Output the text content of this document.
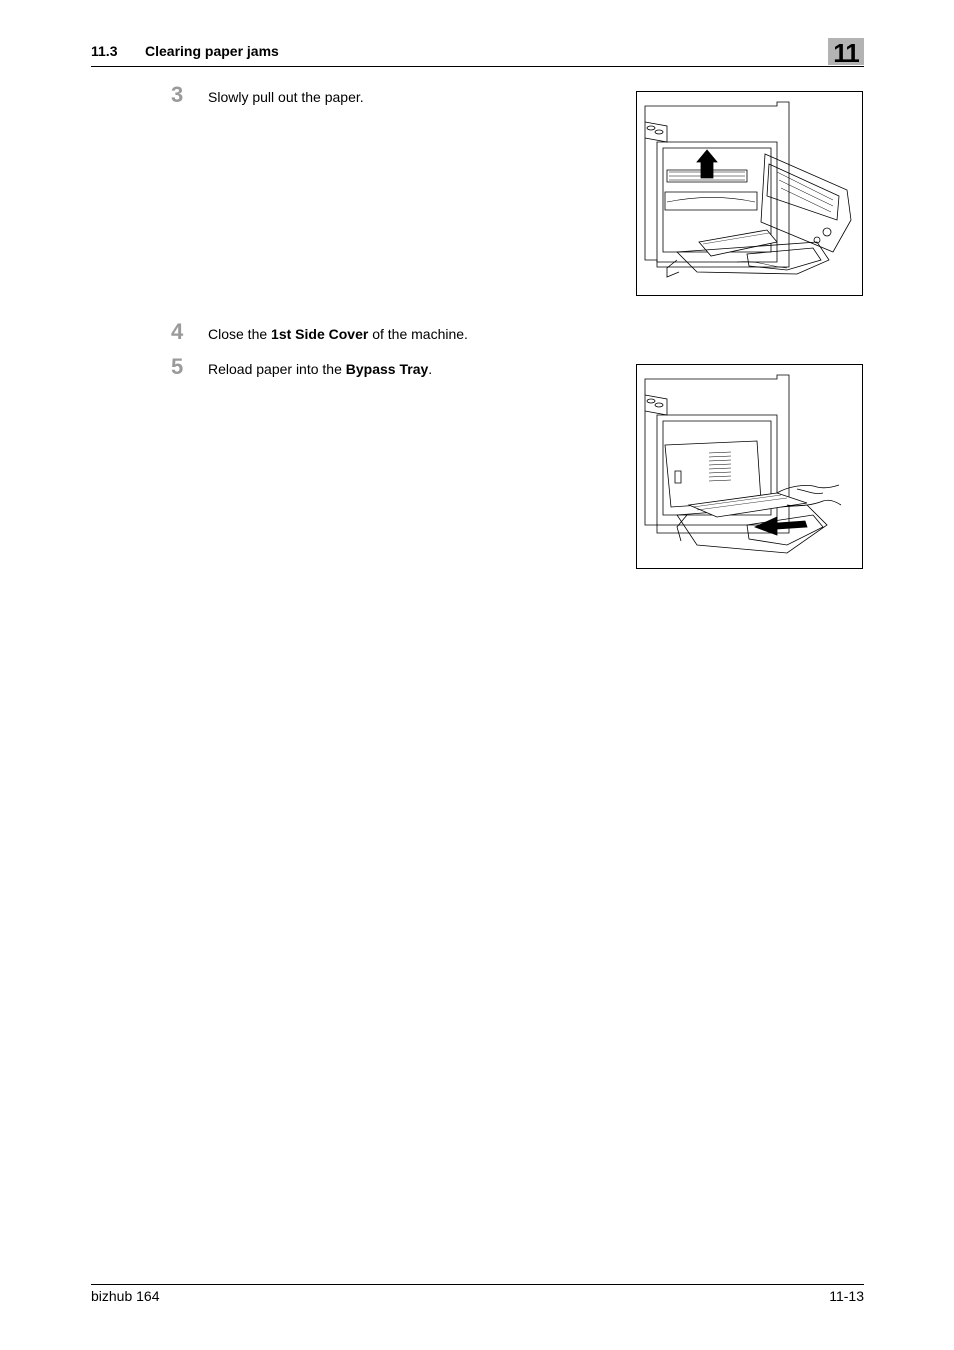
11.3 Clearing paper jams	11
3 Slowly pull out the paper.
4 Close the 1st Side Cover of the machine.
5 Reload paper into the Bypass Tray.
bizhub 164	11-13
